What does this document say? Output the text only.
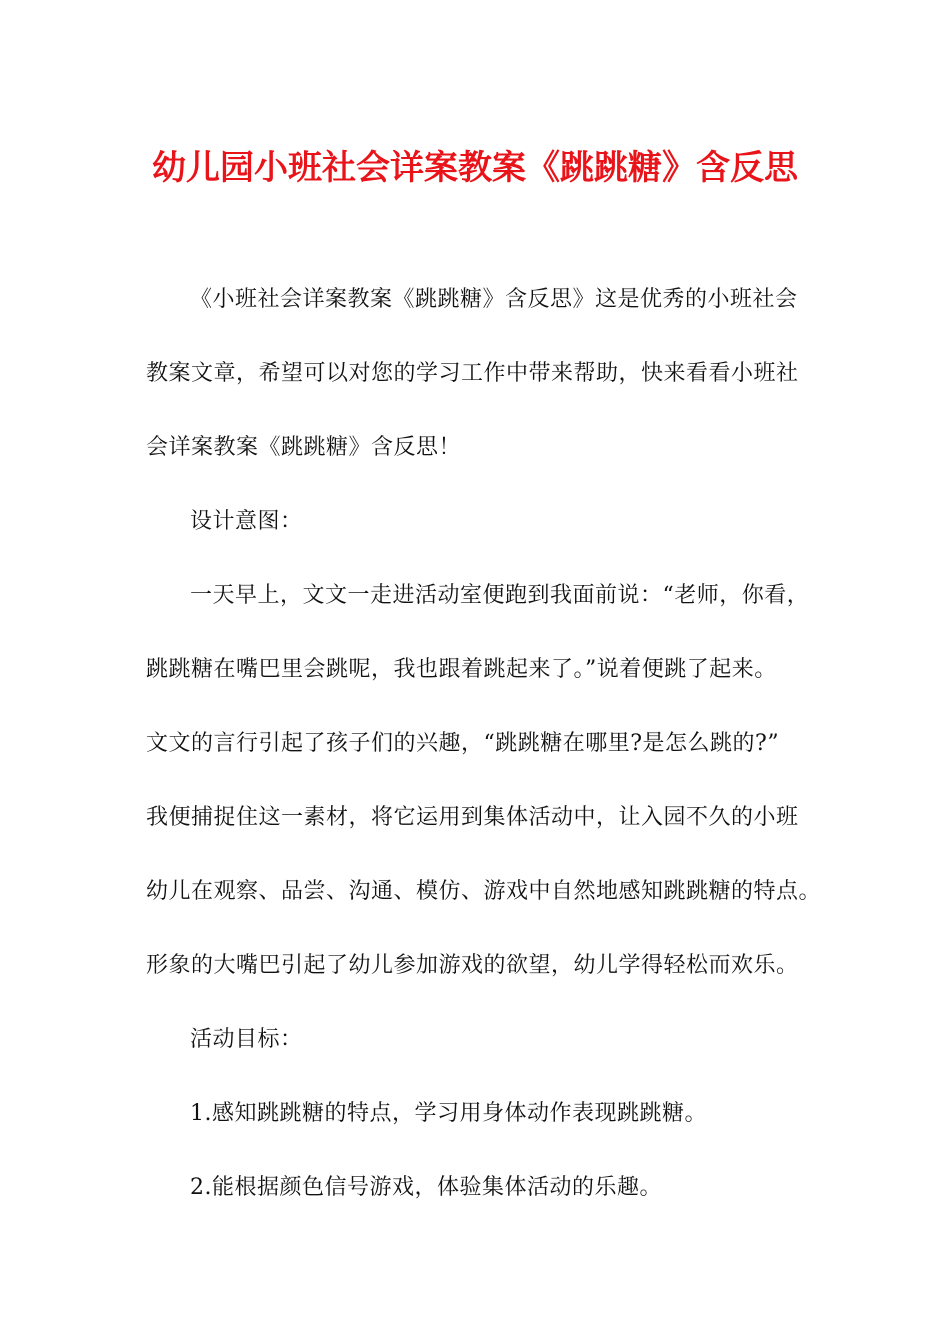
幼儿园小班社会详案教案《跳跳糖》含反思
《小班社会详案教案《跳跳糖》含反思》这是优秀的小班社会
教案文章，希望可以对您的学习工作中带来帮助，快来看看小班社
会详案教案《跳跳糖》含反思！
设计意图：
一天早上，文文一走进活动室便跑到我面前说：“老师，你看，
跳跳糖在嘴巴里会跳呢，我也跟着跳起来了。”说着便跳了起来。
文文的言行引起了孩子们的兴趣，“跳跳糖在哪里?是怎么跳的?”
我便捕捉住这一素材，将它运用到集体活动中，让入园不久的小班
幼儿在观察、品尝、沟通、模仿、游戏中自然地感知跳跳糖的特点。
形象的大嘴巴引起了幼儿参加游戏的欲望，幼儿学得轻松而欢乐。
活动目标：
1.感知跳跳糖的特点，学习用身体动作表现跳跳糖。
2.能根据颜色信号游戏，体验集体活动的乐趣。
